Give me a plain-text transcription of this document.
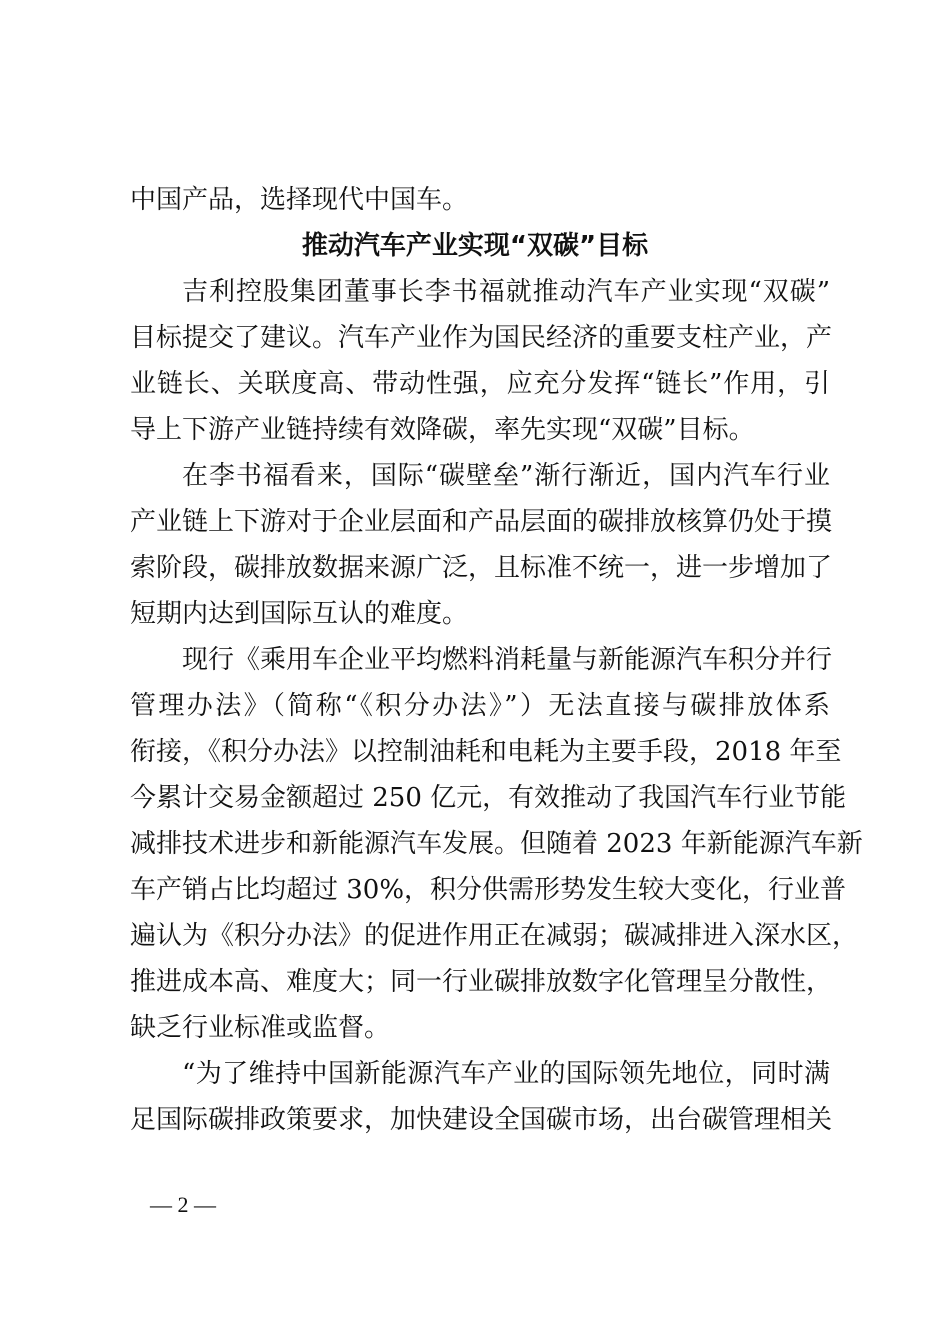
中国产品，选择现代中国车。
推动汽车产业实现“双碳”目标
吉利控股集团董事长李书福就推动汽车产业实现“双碳”
目标提交了建议。汽车产业作为国民经济的重要支柱产业，产
业链长、关联度高、带动性强，应充分发挥“链长”作用，引
导上下游产业链持续有效降碳，率先实现“双碳”目标。
在李书福看来，国际“碳壁垒”渐行渐近，国内汽车行业
产业链上下游对于企业层面和产品层面的碳排放核算仍处于摸
索阶段，碳排放数据来源广泛，且标准不统一，进一步增加了
短期内达到国际互认的难度。
现行《乘用车企业平均燃料消耗量与新能源汽车积分并行
管理办法》（简称“《积分办法》”）无法直接与碳排放体系
衔接，《积分办法》以控制油耗和电耗为主要手段，2018 年至
今累计交易金额超过 250 亿元，有效推动了我国汽车行业节能
减排技术进步和新能源汽车发展。但随着 2023 年新能源汽车新
车产销占比均超过 30%，积分供需形势发生较大变化，行业普
遍认为《积分办法》的促进作用正在减弱；碳减排进入深水区，
推进成本高、难度大；同一行业碳排放数字化管理呈分散性，
缺乏行业标准或监督。
“为了维持中国新能源汽车产业的国际领先地位，同时满
足国际碳排政策要求，加快建设全国碳市场，出台碳管理相关
— 2 —
